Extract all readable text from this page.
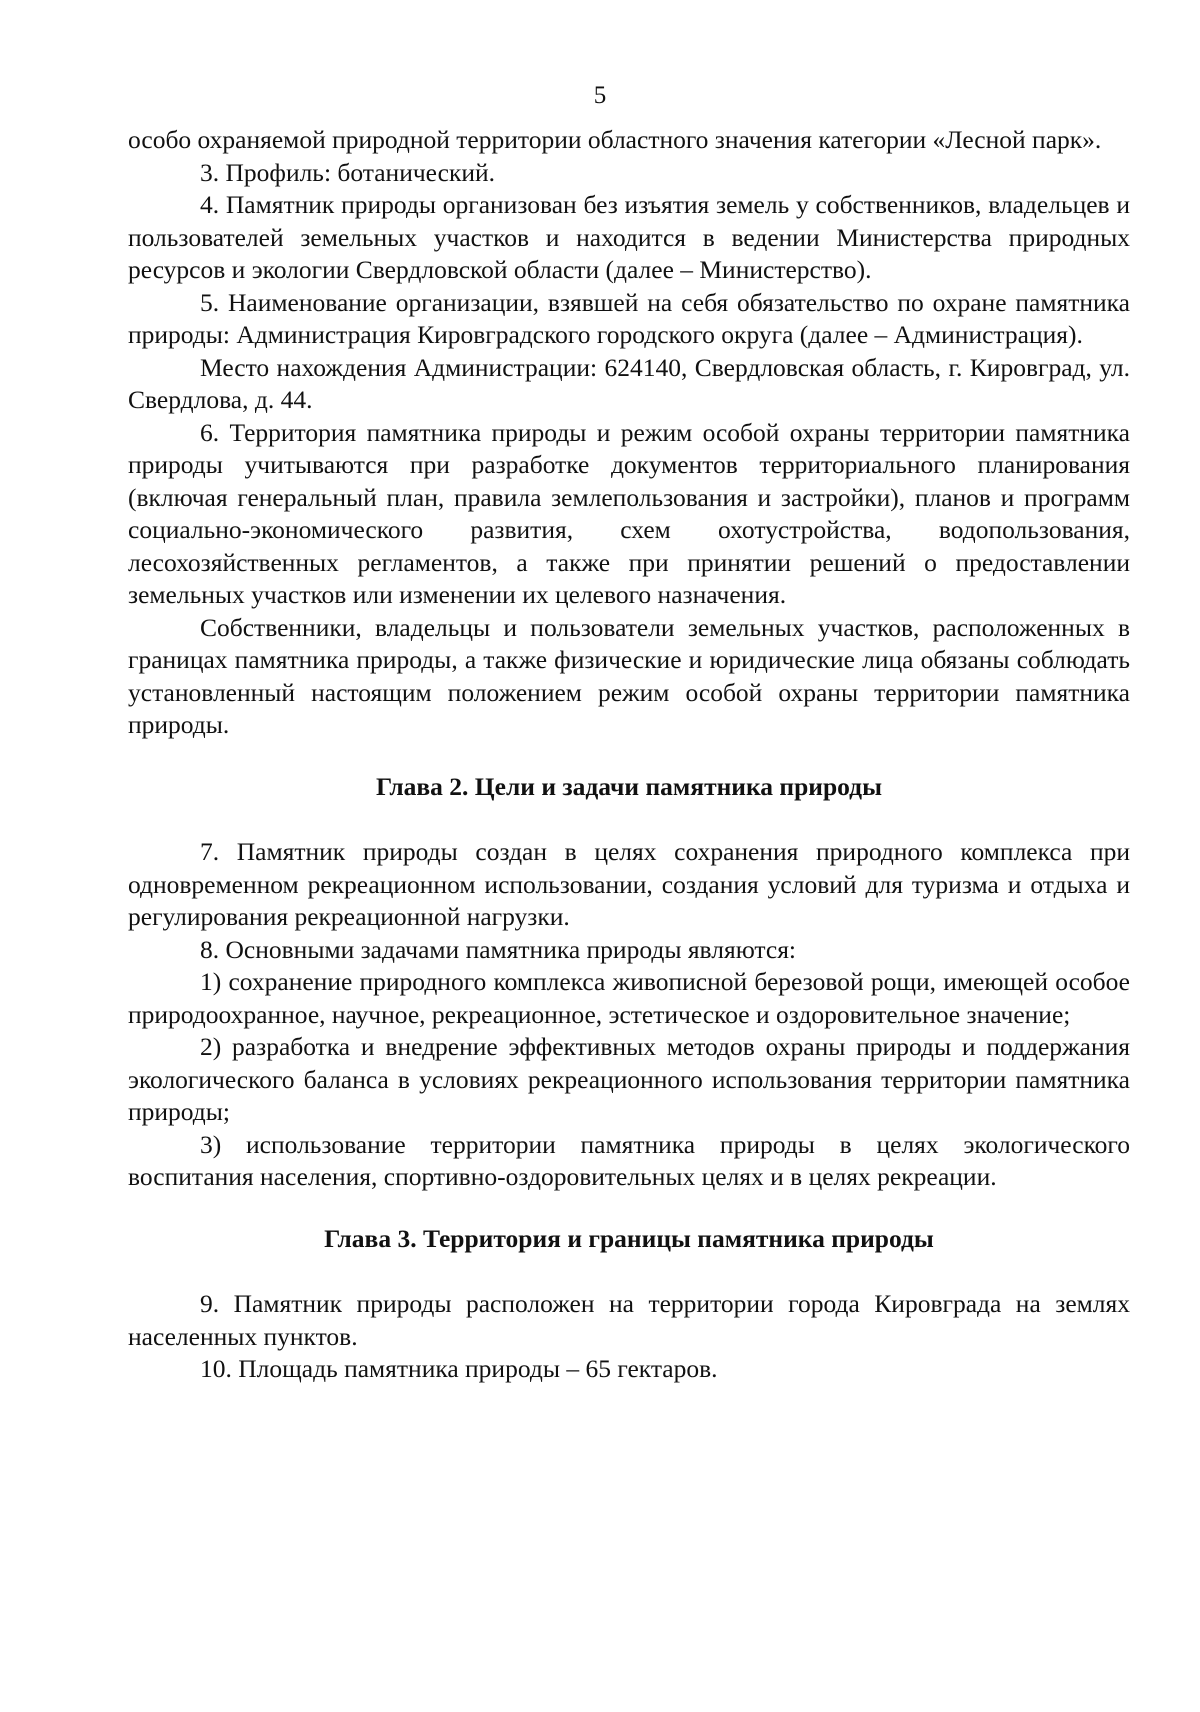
5

особо охраняемой природной территории областного значения категории «Лесной парк».

3. Профиль: ботанический.

4. Памятник природы организован без изъятия земель у собственников, владельцев и пользователей земельных участков и находится в ведении Министерства природных ресурсов и экологии Свердловской области (далее – Министерство).

5. Наименование организации, взявшей на себя обязательство по охране памятника природы: Администрация Кировградского городского округа (далее – Администрация).

Место нахождения Администрации: 624140, Свердловская область, г. Кировград, ул. Свердлова, д. 44.

6. Территория памятника природы и режим особой охраны территории памятника природы учитываются при разработке документов территориального планирования (включая генеральный план, правила землепользования и застройки), планов и программ социально-экономического развития, схем охотустройства, водопользования, лесохозяйственных регламентов, а также при принятии решений о предоставлении земельных участков или изменении их целевого назначения.

Собственники, владельцы и пользователи земельных участков, расположенных в границах памятника природы, а также физические и юридические лица обязаны соблюдать установленный настоящим положением режим особой охраны территории памятника природы.

Глава 2. Цели и задачи памятника природы

7. Памятник природы создан в целях сохранения природного комплекса при одновременном рекреационном использовании, создания условий для туризма и отдыха и регулирования рекреационной нагрузки.

8. Основными задачами памятника природы являются:

1) сохранение природного комплекса живописной березовой рощи, имеющей особое природоохранное, научное, рекреационное, эстетическое и оздоровительное значение;

2) разработка и внедрение эффективных методов охраны природы и поддержания экологического баланса в условиях рекреационного использования территории памятника природы;

3) использование территории памятника природы в целях экологического воспитания населения, спортивно-оздоровительных целях и в целях рекреации.

Глава 3. Территория и границы памятника природы

9. Памятник природы расположен на территории города Кировграда на землях населенных пунктов.

10. Площадь памятника природы – 65 гектаров.
